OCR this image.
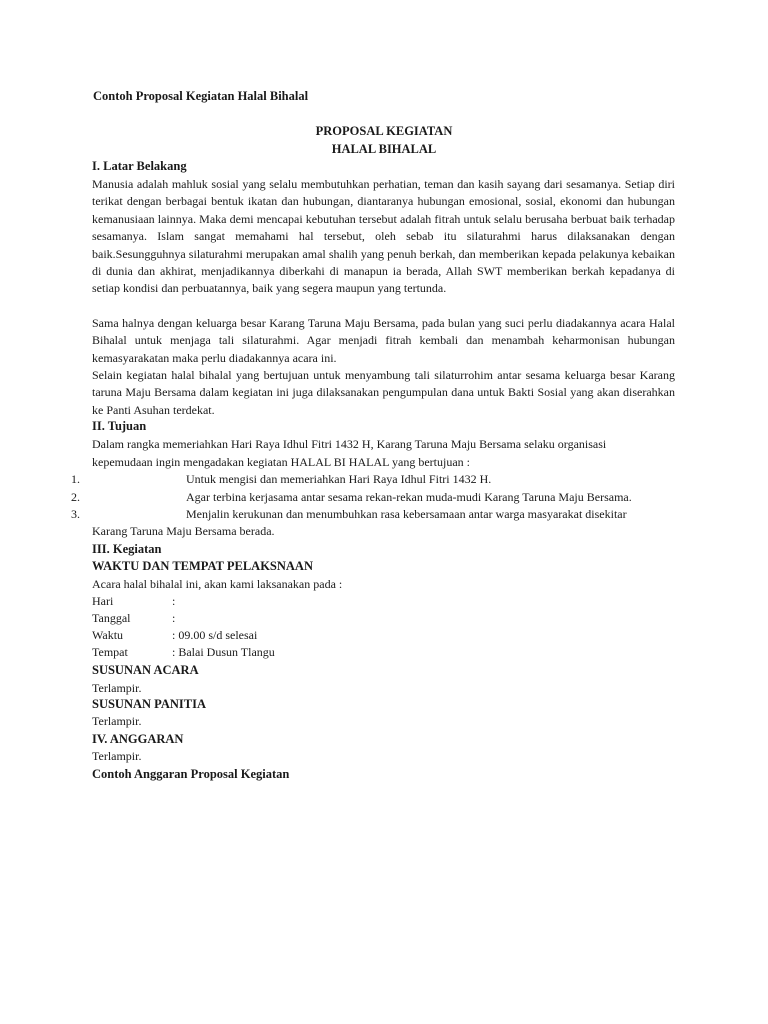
Contoh Proposal Kegiatan Halal Bihalal
PROPOSAL KEGIATAN
HALAL BIHALAL
I. Latar Belakang

Manusia adalah mahluk sosial yang selalu membutuhkan perhatian, teman dan kasih sayang dari sesamanya. Setiap diri terikat dengan berbagai bentuk ikatan dan hubungan, diantaranya hubungan emosional, sosial, ekonomi dan hubungan kemanusiaan lainnya. Maka demi mencapai kebutuhan tersebut adalah fitrah untuk selalu berusaha berbuat baik terhadap sesamanya. Islam sangat memahami hal tersebut, oleh sebab itu silaturahmi harus dilaksanakan dengan baik.Sesungguhnya silaturahmi merupakan amal shalih yang penuh berkah, dan memberikan kepada pelakunya kebaikan di dunia dan akhirat, menjadikannya diberkahi di manapun ia berada, Allah SWT memberikan berkah kepadanya di setiap kondisi dan perbuatannya, baik yang segera maupun yang tertunda.

Sama halnya dengan keluarga besar Karang Taruna Maju Bersama, pada bulan yang suci perlu diadakannya acara Halal Bihalal untuk menjaga tali silaturahmi. Agar menjadi fitrah kembali dan menambah keharmonisan hubungan kemasyarakatan maka perlu diadakannya acara ini.

Selain kegiatan halal bihalal yang bertujuan untuk menyambung tali silaturrohim antar sesama keluarga besar Karang taruna Maju Bersama dalam kegiatan ini juga dilaksanakan pengumpulan dana untuk Bakti Sosial yang akan diserahkan ke Panti Asuhan terdekat.

II. Tujuan
Dalam rangka memeriahkan Hari Raya Idhul Fitri 1432 H, Karang Taruna Maju Bersama selaku organisasi
kepemudaan ingin mengadakan kegiatan HALAL BI HALAL yang bertujuan :
1.	Untuk mengisi dan memeriahkan Hari Raya Idhul Fitri 1432 H.
2.	Agar terbina kerjasama antar sesama rekan-rekan muda-mudi Karang Taruna Maju Bersama.
3.	Menjalin kerukunan dan menumbuhkan rasa kebersamaan antar warga masyarakat disekitar
Karang Taruna Maju Bersama berada.
III. Kegiatan
WAKTU DAN TEMPAT PELAKSNAAN
Acara halal bihalal ini, akan kami laksanakan pada :
Hari	:
Tanggal	:
Waktu	: 09.00 s/d selesai
Tempat	: Balai Dusun Tlangu
SUSUNAN ACARA
Terlampir.
SUSUNAN PANITIA
Terlampir.
IV. ANGGARAN
Terlampir.
Contoh Anggaran Proposal Kegiatan
